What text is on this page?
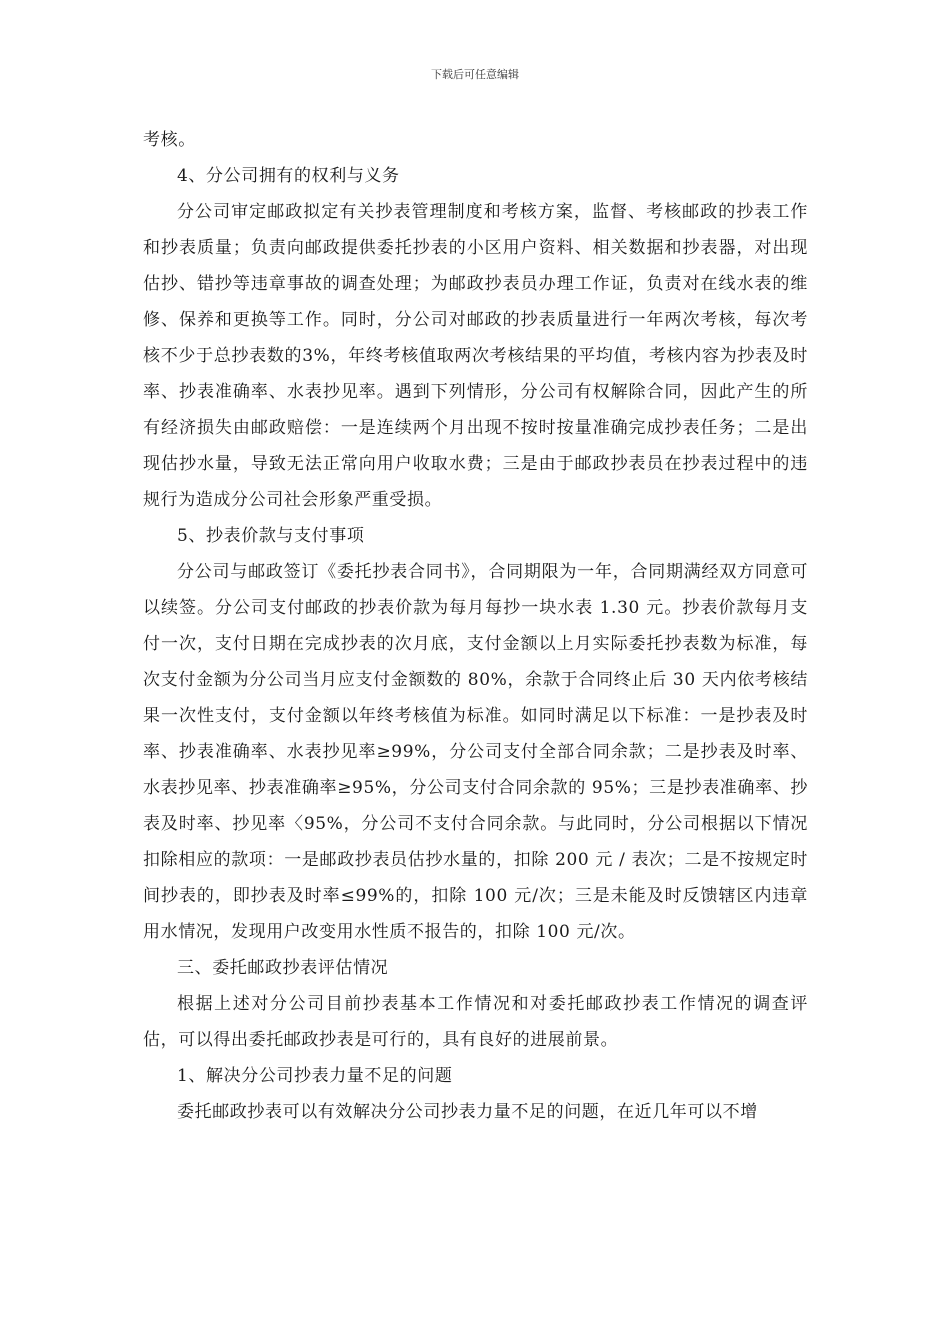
下载后可任意编辑

考核。

4、分公司拥有的权利与义务

分公司审定邮政拟定有关抄表管理制度和考核方案，监督、考核邮政的抄表工作和抄表质量；负责向邮政提供委托抄表的小区用户资料、相关数据和抄表器，对出现估抄、错抄等违章事故的调查处理；为邮政抄表员办理工作证，负责对在线水表的维修、保养和更换等工作。同时，分公司对邮政的抄表质量进行一年两次考核，每次考核不少于总抄表数的3%，年终考核值取两次考核结果的平均值，考核内容为抄表及时率、抄表准确率、水表抄见率。遇到下列情形，分公司有权解除合同，因此产生的所有经济损失由邮政赔偿：一是连续两个月出现不按时按量准确完成抄表任务；二是出现估抄水量，导致无法正常向用户收取水费；三是由于邮政抄表员在抄表过程中的违规行为造成分公司社会形象严重受损。

5、抄表价款与支付事项

分公司与邮政签订《委托抄表合同书》，合同期限为一年，合同期满经双方同意可以续签。分公司支付邮政的抄表价款为每月每抄一块水表 1.30 元。抄表价款每月支付一次，支付日期在完成抄表的次月底，支付金额以上月实际委托抄表数为标准，每次支付金额为分公司当月应支付金额数的 80%，余款于合同终止后 30 天内依考核结果一次性支付，支付金额以年终考核值为标准。如同时满足以下标准：一是抄表及时率、抄表准确率、水表抄见率≥99%，分公司支付全部合同余款；二是抄表及时率、水表抄见率、抄表准确率≥95%，分公司支付合同余款的 95%；三是抄表准确率、抄表及时率、抄见率〈95%，分公司不支付合同余款。与此同时，分公司根据以下情况扣除相应的款项：一是邮政抄表员估抄水量的，扣除 200 元 / 表次；二是不按规定时间抄表的，即抄表及时率≤99%的，扣除 100 元/次；三是未能及时反馈辖区内违章用水情况，发现用户改变用水性质不报告的，扣除 100 元/次。

三、委托邮政抄表评估情况

根据上述对分公司目前抄表基本工作情况和对委托邮政抄表工作情况的调查评估，可以得出委托邮政抄表是可行的，具有良好的进展前景。

1、解决分公司抄表力量不足的问题

委托邮政抄表可以有效解决分公司抄表力量不足的问题，在近几年可以不增
